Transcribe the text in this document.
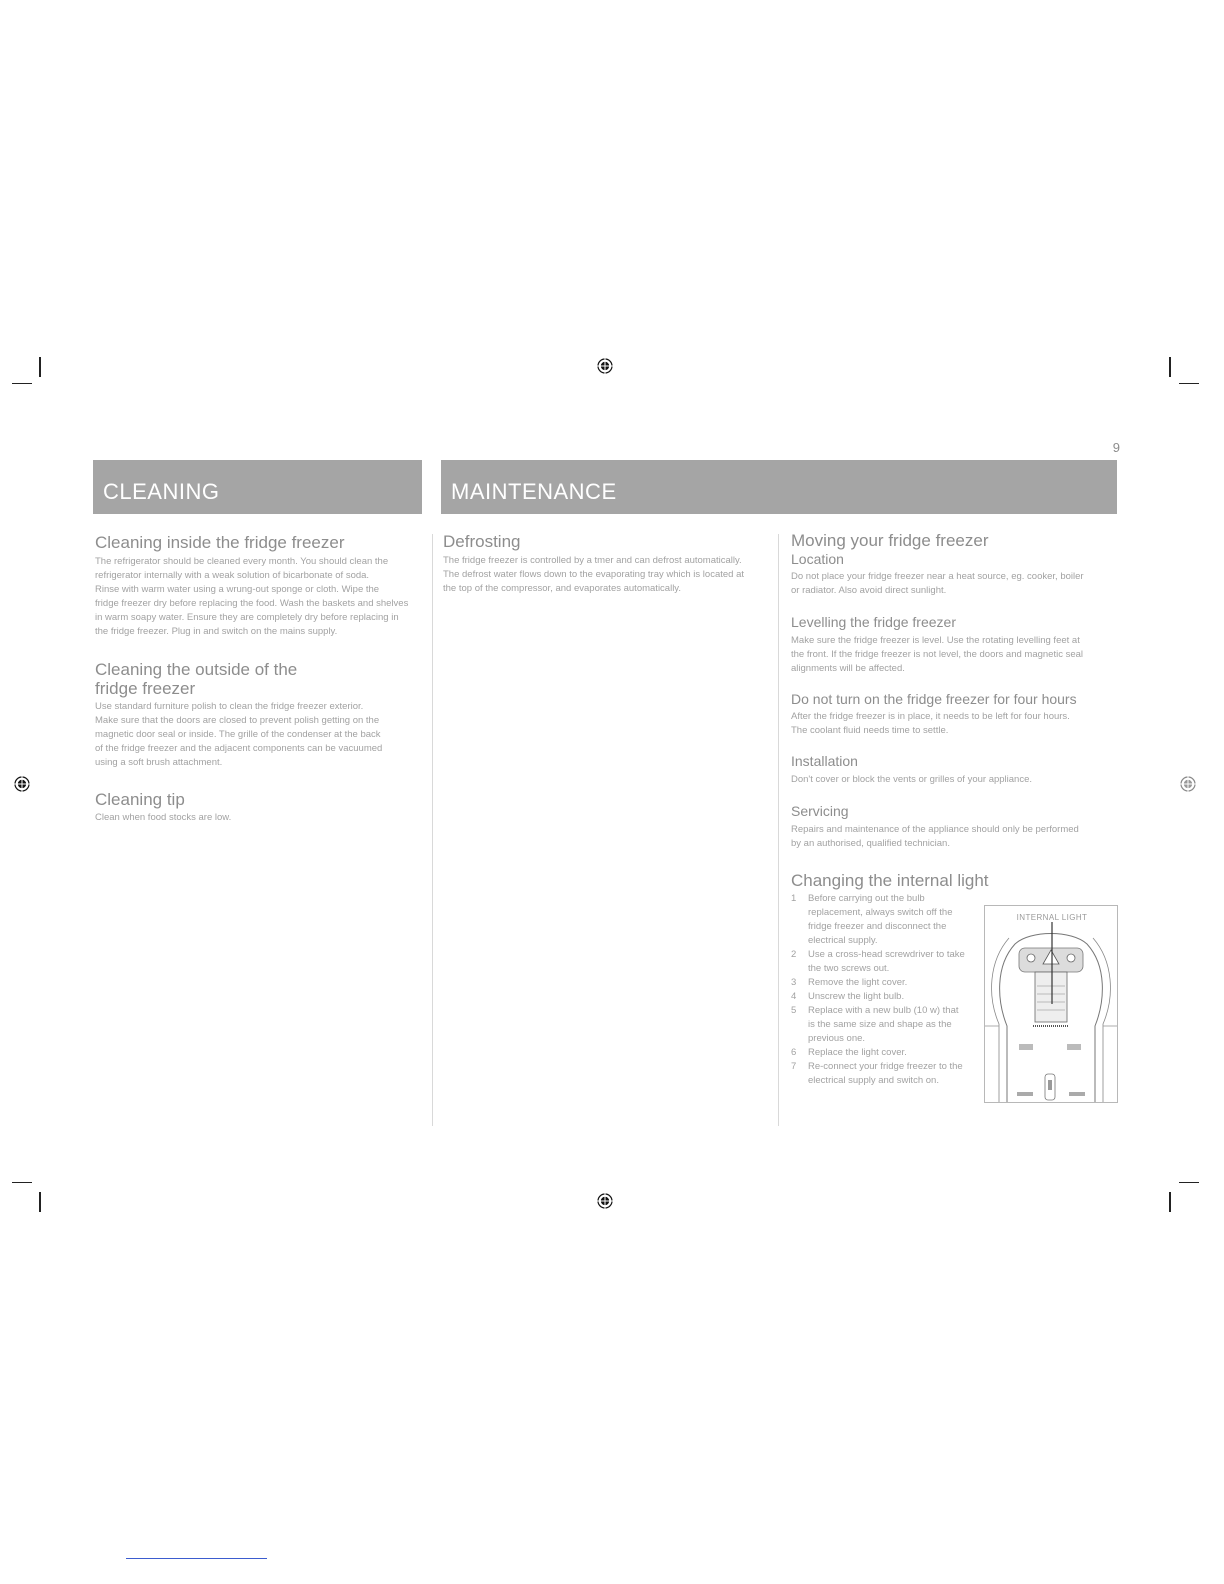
9
CLEANING	MAINTENANCE
Cleaning inside the fridge freezer

The refrigerator should be cleaned every month. You should clean the

refrigerator internally with a weak solution of bicarbonate of soda.

Rinse with warm water using a wrung-out sponge or cloth. Wipe the

fridge freezer dry before replacing the food. Wash the baskets and shelves

in warm soapy water. Ensure they are completely dry before replacing in

the fridge freezer. Plug in and switch on the mains supply.

Cleaning the outside of the
fridge freezer

Use standard furniture polish to clean the fridge freezer exterior.

Make sure that the doors are closed to prevent polish getting on the

magnetic door seal or inside. The grille of the condenser at the back

of the fridge freezer and the adjacent components can be vacuumed

using a soft brush attachment.

Cleaning tip

Clean when food stocks are low.

Defrosting

The fridge freezer is controlled by a tmer and can defrost automatically.

The defrost water flows down to the evaporating tray which is located at

the top of the compressor, and evaporates automatically.

Moving your fridge freezer
Location

Do not place your fridge freezer near a heat source, eg. cooker, boiler

or radiator. Also avoid direct sunlight.

Levelling the fridge freezer

Make sure the fridge freezer is level. Use the rotating levelling feet at

the front. If the fridge freezer is not level, the doors and magnetic seal

alignments will be affected.

Do not turn on the fridge freezer for four hours

After the fridge freezer is in place, it needs to be left for four hours.

The coolant fluid needs time to settle.

Installation

Don't cover or block the vents or grilles of your appliance.

Servicing

Repairs and maintenance of the appliance should only be performed

by an authorised, qualified technician.

Changing the internal light
1	Before carrying out the bulb
replacement, always switch off the
fridge freezer and disconnect the
electrical supply.
2	Use a cross-head screwdriver to take
the two screws out.
3	Remove the light cover.
4	Unscrew the light bulb.
5	Replace with a new bulb (10 w) that
is the same size and shape as the
previous one.
6	Replace the light cover.
7	Re-connect your fridge freezer to the
electrical supply and switch on.
INTERNAL LIGHT
